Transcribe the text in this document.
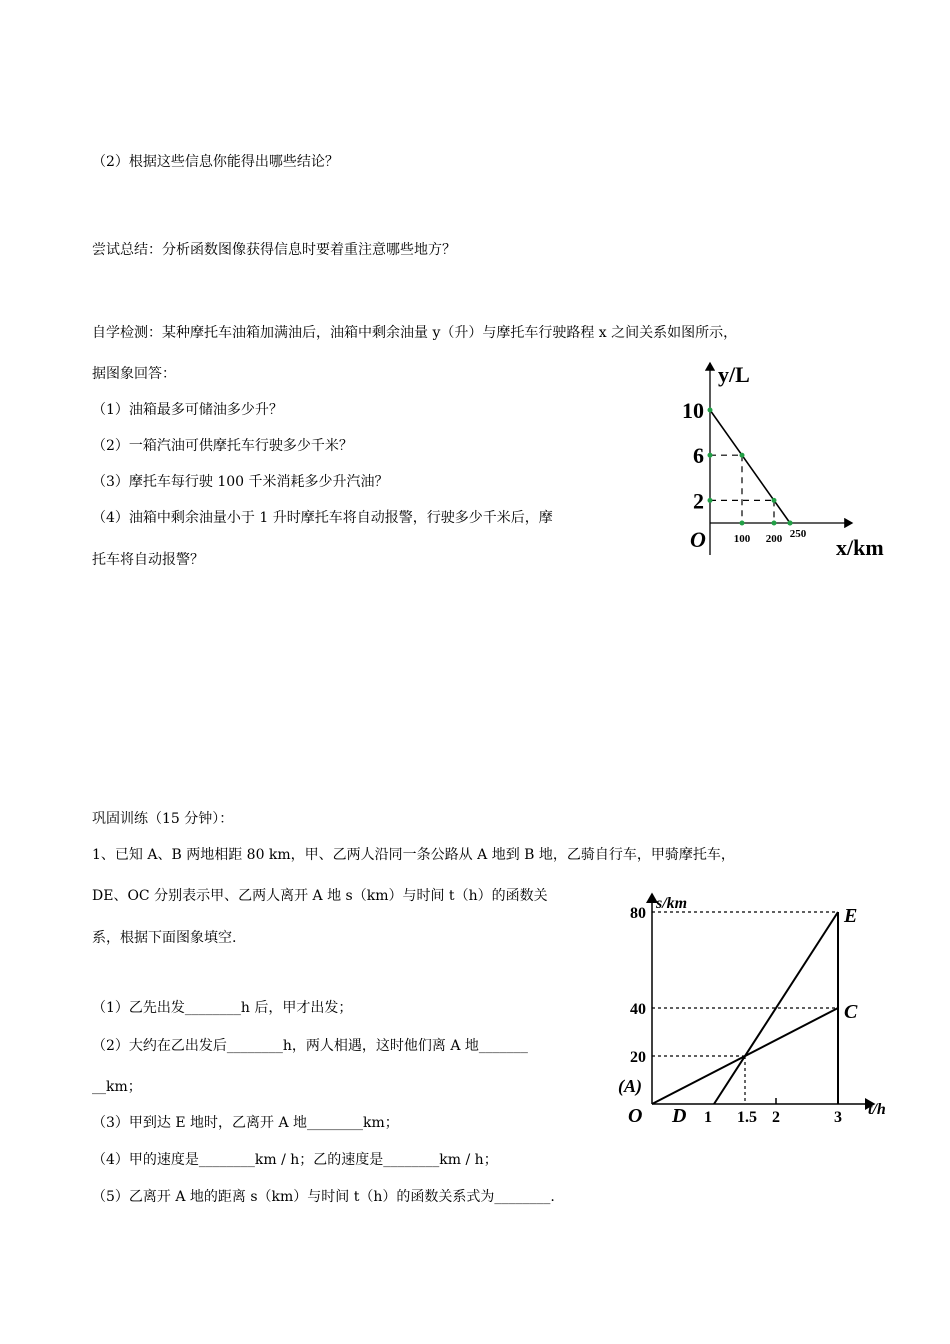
（2）根据这些信息你能得出哪些结论？
尝试总结：分析函数图像获得信息时要着重注意哪些地方？
自学检测：某种摩托车油箱加满油后，油箱中剩余油量 y（升）与摩托车行驶路程 x 之间关系如图所示，
据图象回答：
（1）油箱最多可储油多少升？
（2）一箱汽油可供摩托车行驶多少千米？
（3）摩托车每行驶 100 千米消耗多少升汽油？
（4）油箱中剩余油量小于 1 升时摩托车将自动报警，行驶多少千米后，摩
托车将自动报警？
巩固训练（15 分钟）：
1、已知 A、B 两地相距 80 km，甲、乙两人沿同一条公路从 A 地到 B 地，乙骑自行车，甲骑摩托车，
DE、OC 分别表示甲、乙两人离开 A 地 s（km）与时间 t（h）的函数关
系，根据下面图象填空.
（1）乙先出发________h 后，甲才出发；
（2）大约在乙出发后________h，两人相遇，这时他们离 A 地_______
__km；
（3）甲到达 E 地时，乙离开 A 地________km；
（4）甲的速度是________km / h；乙的速度是________km / h；
（5）乙离开 A 地的距离 s（km）与时间 t（h）的函数关系式为________.
y/L
x/km
O
10
6
2
100 200 250
s/km
t/h
O
E
C
D
(A)
80
40
20
1 1.5 2	3
